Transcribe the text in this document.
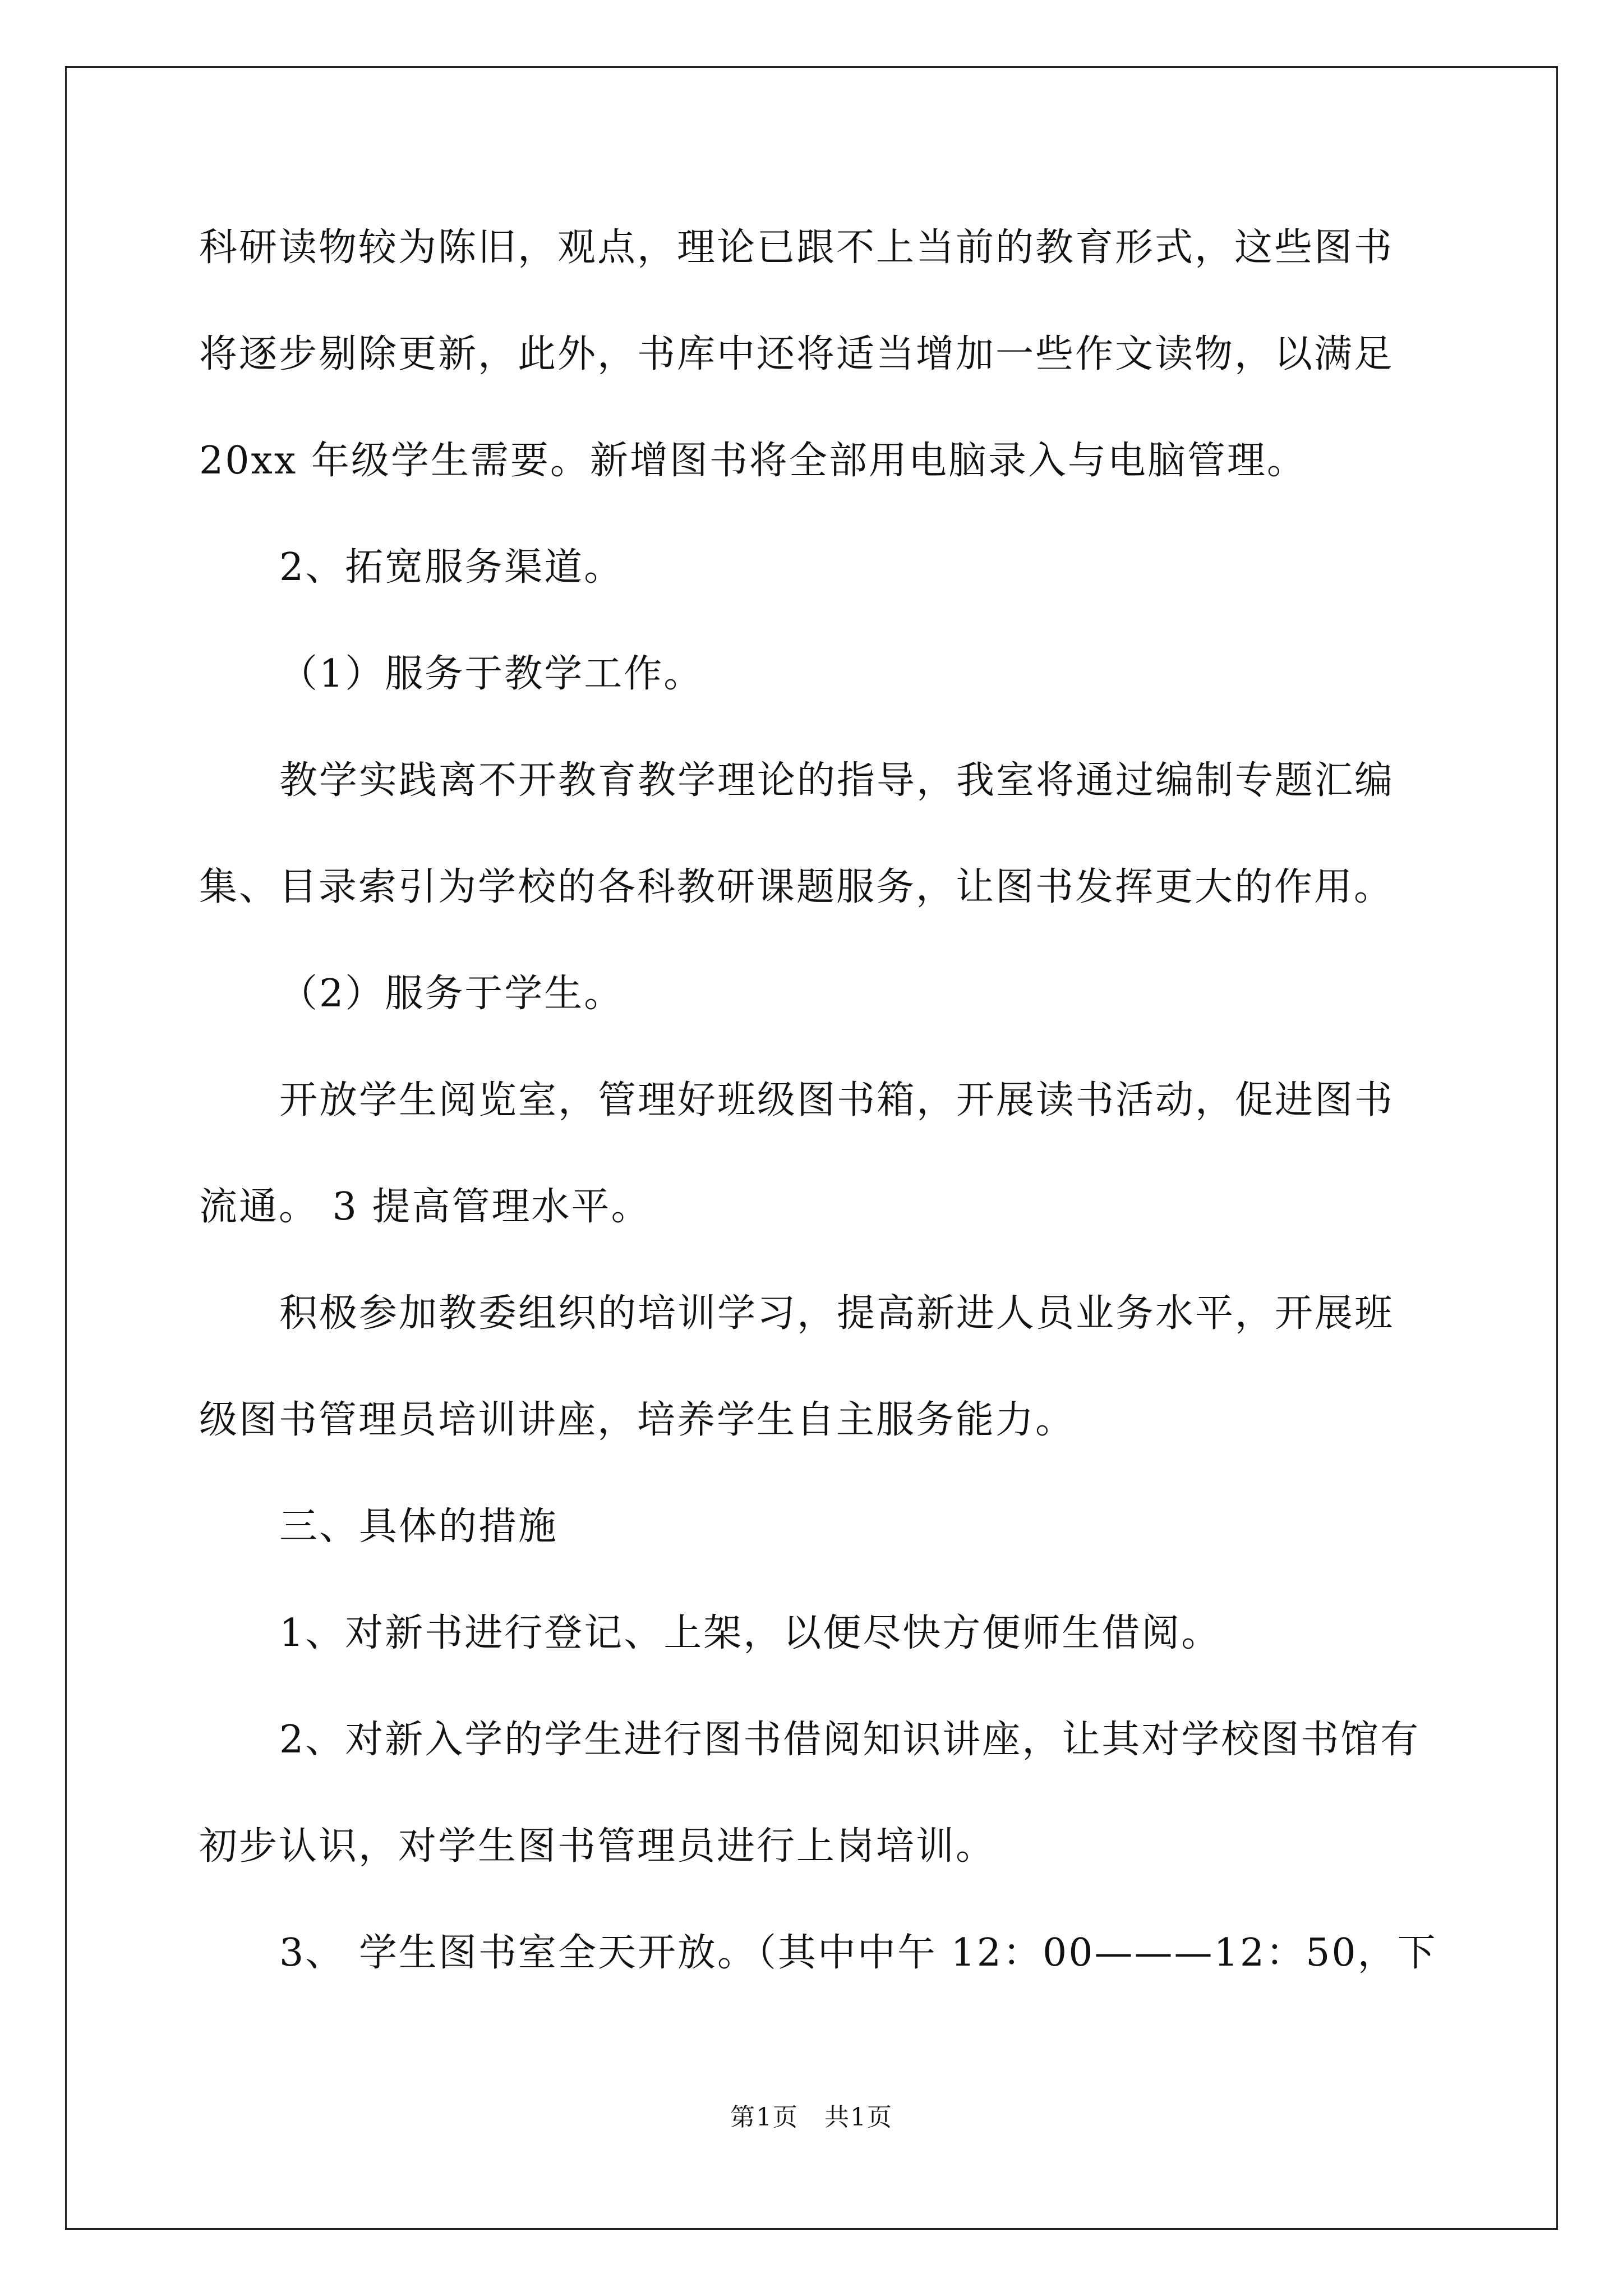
科研读物较为陈旧，观点，理论已跟不上当前的教育形式，这些图书
将逐步剔除更新，此外，书库中还将适当增加一些作文读物，以满足
20xx 年级学生需要。新增图书将全部用电脑录入与电脑管理。
2、拓宽服务渠道。
（1）服务于教学工作。
教学实践离不开教育教学理论的指导，我室将通过编制专题汇编
集、目录索引为学校的各科教研课题服务，让图书发挥更大的作用。
（2）服务于学生。
开放学生阅览室，管理好班级图书箱，开展读书活动，促进图书
流通。 3 提高管理水平。
积极参加教委组织的培训学习，提高新进人员业务水平，开展班
级图书管理员培训讲座，培养学生自主服务能力。
三、具体的措施
1、对新书进行登记、上架，以便尽快方便师生借阅。
2、对新入学的学生进行图书借阅知识讲座，让其对学校图书馆有
初步认识，对学生图书管理员进行上岗培训。
3、 学生图书室全天开放。（其中中午 12：00———12：50，下
第1页　共1页
